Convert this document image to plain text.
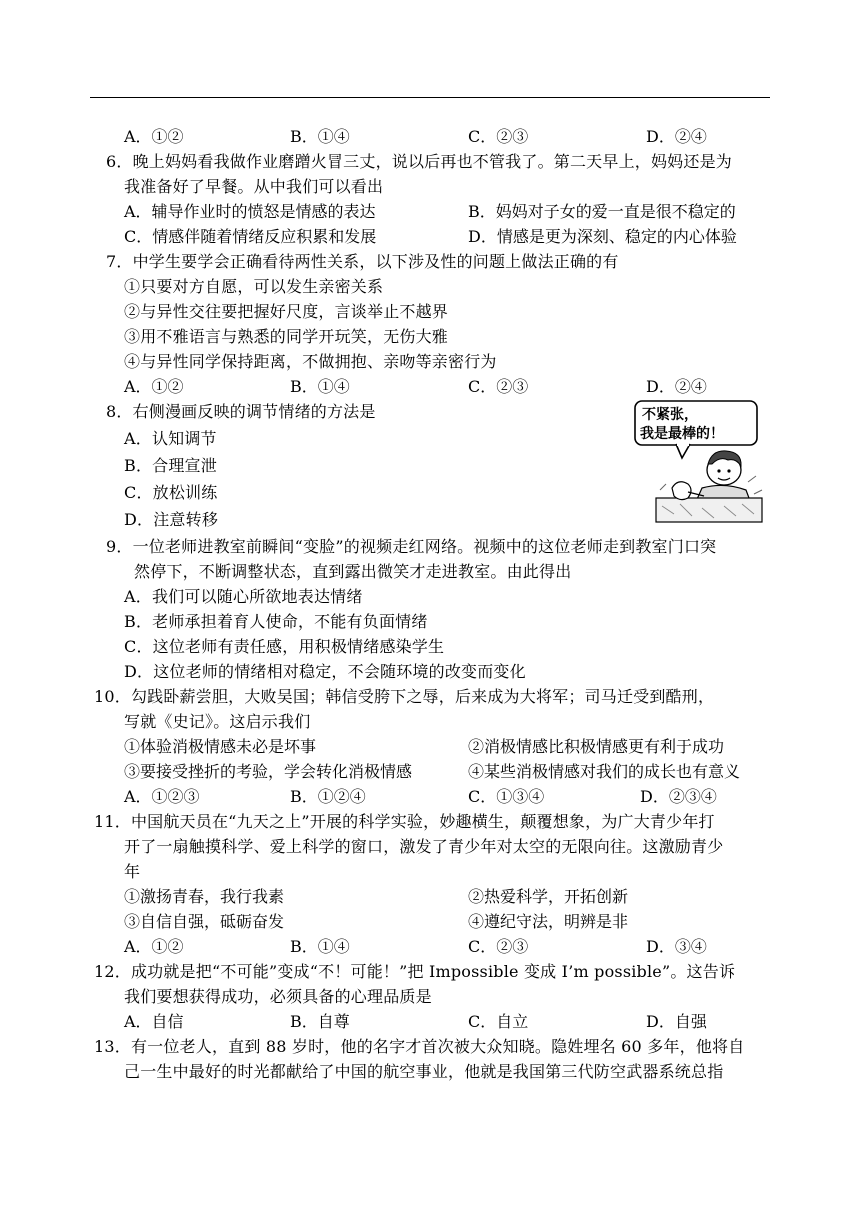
A．①②	B．①④	C．②③	D．②④
6．晚上妈妈看我做作业磨蹭火冒三丈，说以后再也不管我了。第二天早上，妈妈还是为
我准备好了早餐。从中我们可以看出
A．辅导作业时的愤怒是情感的表达	B．妈妈对子女的爱一直是很不稳定的
C．情感伴随着情绪反应积累和发展	D．情感是更为深刻、稳定的内心体验
7．中学生要学会正确看待两性关系，以下涉及性的问题上做法正确的有
①只要对方自愿，可以发生亲密关系
②与异性交往要把握好尺度，言谈举止不越界
③用不雅语言与熟悉的同学开玩笑，无伤大雅
④与异性同学保持距离，不做拥抱、亲吻等亲密行为
A．①②	B．①④	C．②③	D．②④
8．右侧漫画反映的调节情绪的方法是
A．认知调节
B．合理宣泄
C．放松训练
D．注意转移
不紧张，
我是最棒的！
9．一位老师进教室前瞬间“变脸”的视频走红网络。视频中的这位老师走到教室门口突
然停下，不断调整状态，直到露出微笑才走进教室。由此得出
A．我们可以随心所欲地表达情绪
B．老师承担着育人使命，不能有负面情绪
C．这位老师有责任感，用积极情绪感染学生
D．这位老师的情绪相对稳定，不会随环境的改变而变化
10．勾践卧薪尝胆，大败吴国；韩信受胯下之辱，后来成为大将军；司马迁受到酷刑，
写就《史记》。这启示我们
①体验消极情感未必是坏事	②消极情感比积极情感更有利于成功
③要接受挫折的考验，学会转化消极情感	④某些消极情感对我们的成长也有意义
A．①②③	B．①②④	C．①③④	D．②③④
11．中国航天员在“九天之上”开展的科学实验，妙趣横生，颠覆想象，为广大青少年打
开了一扇触摸科学、爱上科学的窗口，激发了青少年对太空的无限向往。这激励青少
年
①激扬青春，我行我素	②热爱科学，开拓创新
③自信自强，砥砺奋发	④遵纪守法，明辨是非
A．①②	B．①④	C．②③	D．③④
12．成功就是把“不可能”变成“不！可能！”把 Impossible 变成 I’m possible”。这告诉
我们要想获得成功，必须具备的心理品质是
A．自信	B．自尊	C．自立	D．自强
13．有一位老人，直到 88 岁时，他的名字才首次被大众知晓。隐姓埋名 60 多年，他将自
己一生中最好的时光都献给了中国的航空事业，他就是我国第三代防空武器系统总指
